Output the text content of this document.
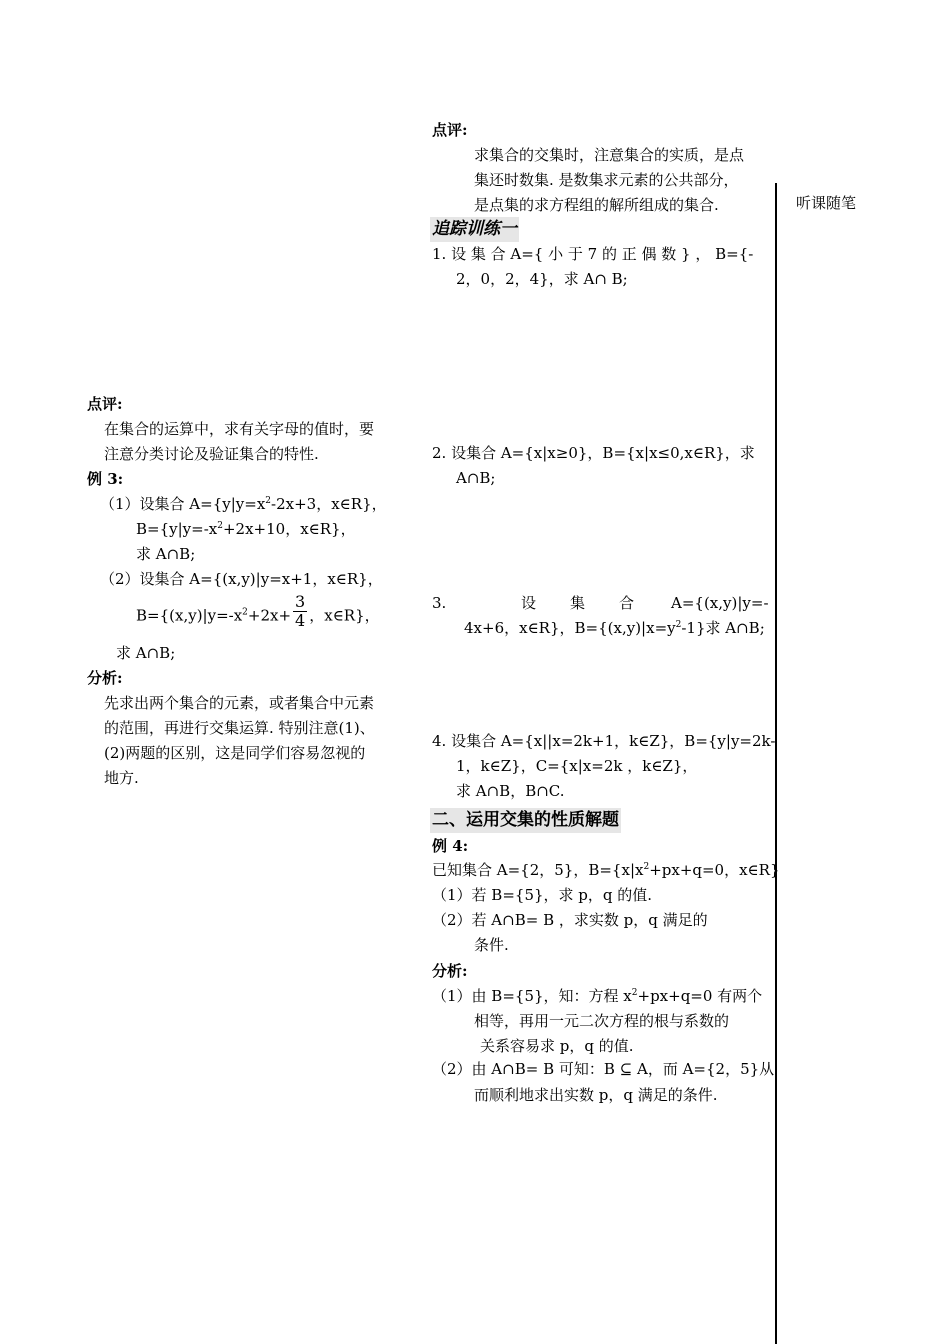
听课随笔
点评:
在集合的运算中，求有关字母的值时，要
注意分类讨论及验证集合的特性.
例 3:
（1）设集合 $A=\{y|y=x^2-2x+3$，x∈R}，
$B=\{y|y=-x^2+2x+10$，x∈R}，
求 A∩B;
（2）设集合 A={(x,y)|y=x+1，x∈R}，
$B=\{(x,y)|y=-x^2+2x+ \frac{3}{4}$ ，x∈R}，
求 A∩B;
分析:
先求出两个集合的元素，或者集合中元素
的范围，再进行交集运算. 特别注意(1)、
(2)两题的区别，这是同学们容易忽视的
地方.
点评:
求集合的交集时，注意集合的实质，是点
集还时数集. 是数集求元素的公共部分，
是点集的求方程组的解所组成的集合.
追踪训练一
1. 设 集 合 A={ 小 于 7 的 正 偶 数 } ， B={-
2，0，2，4}，求 A∩ B;
2. 设集合 A={x|x≥0}，B={x|x≤0,x∈R}，求
A∩B;
3.	设 集 合 A={(x,y)|y=-
4x+6，x∈R}，$B=\{(x,y)|x=y^2-1\}$求 A∩B;
4. 设集合 A={x||x=2k+1，k∈Z}，B={y|y=2k-
1，k∈Z}，C={x|x=2k ，k∈Z}，
求 A∩B，B∩C.
二、运用交集的性质解题
例 4:
已知集合 A={2，5}，$B=\{x|x^2+px+q=0$，x∈R}
（1）若 B={5}，求 p，q 的值.
（2）若 A∩B= B ，求实数 p，q 满足的
条件.
分析:
（1）由 B={5}，知：方程 $x^2+px+q=0$ 有两个
相等，再用一元二次方程的根与系数的
关系容易求 p，q 的值.
（2）由 A∩B= B 可知：B ⊆ A，而 A={2，5}从
而顺利地求出实数 p，q 满足的条件.
